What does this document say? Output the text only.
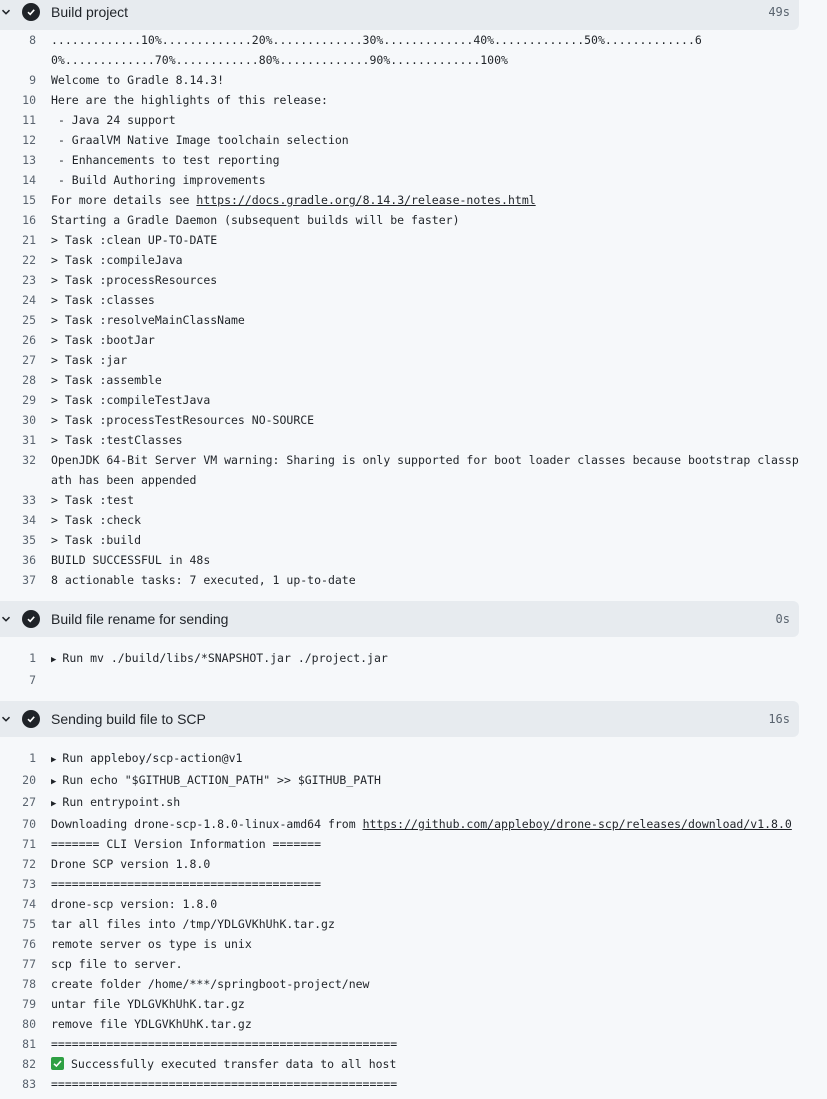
Build project	49s
8 .............10%.............20%.............30%.............40%.............50%.............60%.............70%............80%.............90%.............100%
9 Welcome to Gradle 8.14.3!
10 Here are the highlights of this release:
11 - Java 24 support
12 - GraalVM Native Image toolchain selection
13 - Enhancements to test reporting
14 - Build Authoring improvements
15 For more details see https://docs.gradle.org/8.14.3/release-notes.html
16 Starting a Gradle Daemon (subsequent builds will be faster)
21 > Task :clean UP-TO-DATE
22 > Task :compileJava
23 > Task :processResources
24 > Task :classes
25 > Task :resolveMainClassName
26 > Task :bootJar
27 > Task :jar
28 > Task :assemble
29 > Task :compileTestJava
30 > Task :processTestResources NO-SOURCE
31 > Task :testClasses
32 OpenJDK 64-Bit Server VM warning: Sharing is only supported for boot loader classes because bootstrap classpath has been appended
33 > Task :test
34 > Task :check
35 > Task :build
36 BUILD SUCCESSFUL in 48s
37 8 actionable tasks: 7 executed, 1 up-to-date
Build file rename for sending	0s
1 ▶ Run mv ./build/libs/*SNAPSHOT.jar ./project.jar
7
Sending build file to SCP	16s
1 ▶ Run appleboy/scp-action@v1
20 ▶ Run echo "$GITHUB_ACTION_PATH" >> $GITHUB_PATH
27 ▶ Run entrypoint.sh
70 Downloading drone-scp-1.8.0-linux-amd64 from https://github.com/appleboy/drone-scp/releases/download/v1.8.0
71 ======= CLI Version Information =======
72 Drone SCP version 1.8.0
73 =======================================
74 drone-scp version: 1.8.0
75 tar all files into /tmp/YDLGVKhUhK.tar.gz
76 remote server os type is unix
77 scp file to server.
78 create folder /home/***/springboot-project/new
79 untar file YDLGVKhUhK.tar.gz
80 remove file YDLGVKhUhK.tar.gz
81 ==================================================
82	Successfully executed transfer data to all host
83 ==================================================
